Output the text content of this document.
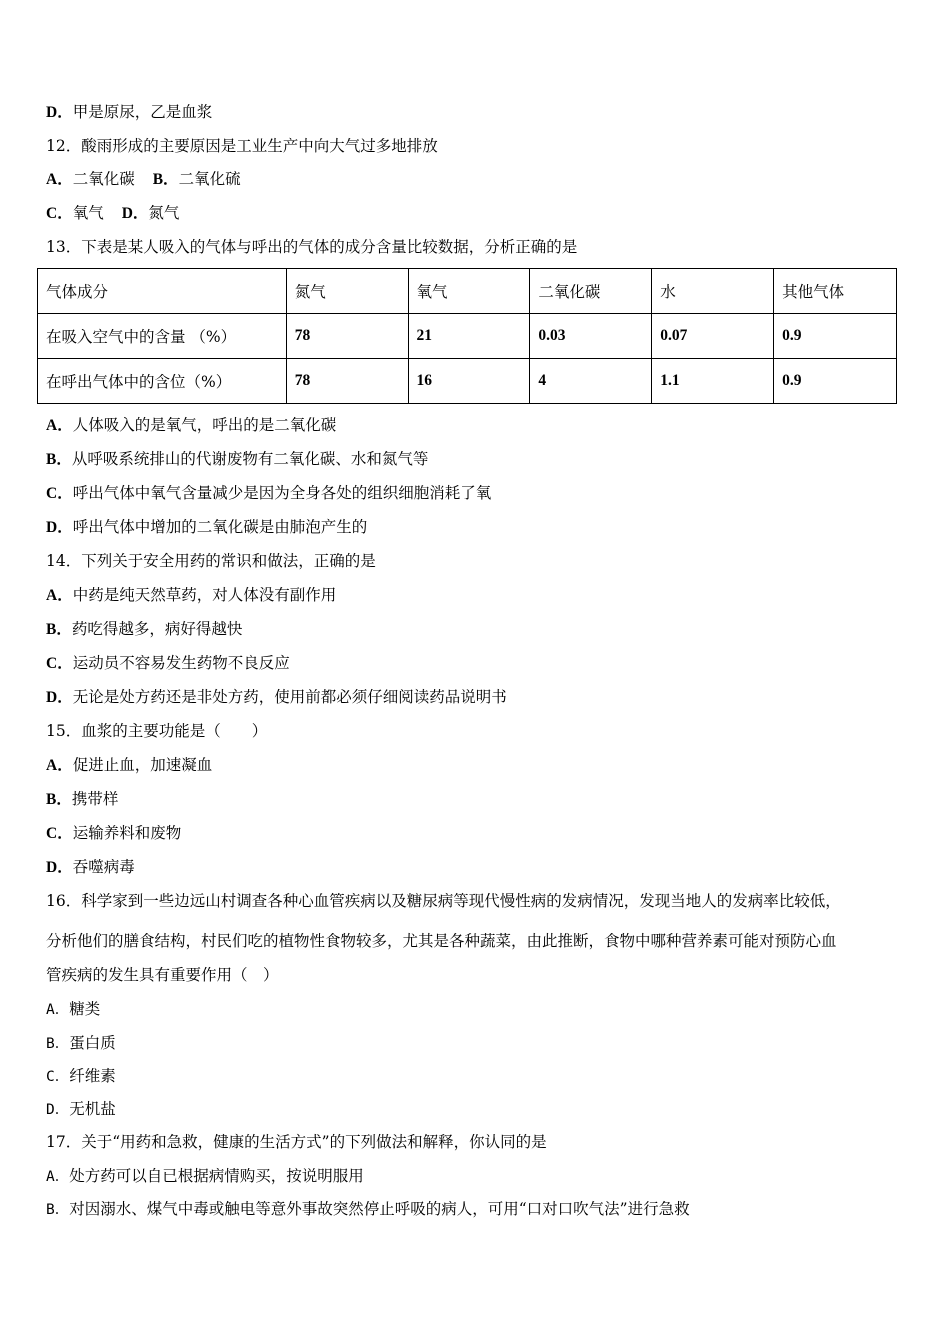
D．甲是原尿，乙是血浆
12．酸雨形成的主要原因是工业生产中向大气过多地排放
A．二氧化碳 B．二氧化硫
C．氧气 D．氮气
13．下表是某人吸入的气体与呼出的气体的成分含量比较数据，分析正确的是
气体成分	氮气	氧气	二氧化碳	水	其他气体
在吸入空气中的含量 （%）	78	21	0.03	0.07	0.9
在呼出气体中的含位（%）	78	16	4	1.1	0.9
A．人体吸入的是氧气，呼出的是二氧化碳
B．从呼吸系统排山的代谢废物有二氧化碳、水和氮气等
C．呼出气体中氧气含量减少是因为全身各处的组织细胞消耗了氧
D．呼出气体中增加的二氧化碳是由肺泡产生的
14．下列关于安全用药的常识和做法，正确的是
A．中药是纯天然草药，对人体没有副作用
B．药吃得越多，病好得越快
C．运动员不容易发生药物不良反应
D．无论是处方药还是非处方药，使用前都必须仔细阅读药品说明书
15．血浆的主要功能是（　　）
A．促进止血，加速凝血
B．携带样
C．运输养料和废物
D．吞噬病毒
16．科学家到一些边远山村调查各种心血管疾病以及糖尿病等现代慢性病的发病情况，发现当地人的发病率比较低，
分析他们的膳食结构，村民们吃的植物性食物较多，尤其是各种蔬菜，由此推断，食物中哪种营养素可能对预防心血
管疾病的发生具有重要作用（　）
A．糖类
B．蛋白质
C．纤维素
D．无机盐
17．关于“用药和急救，健康的生活方式”的下列做法和解释，你认同的是
A．处方药可以自已根据病情购买，按说明服用
B．对因溺水、煤气中毒或触电等意外事故突然停止呼吸的病人，可用“口对口吹气法”进行急救
